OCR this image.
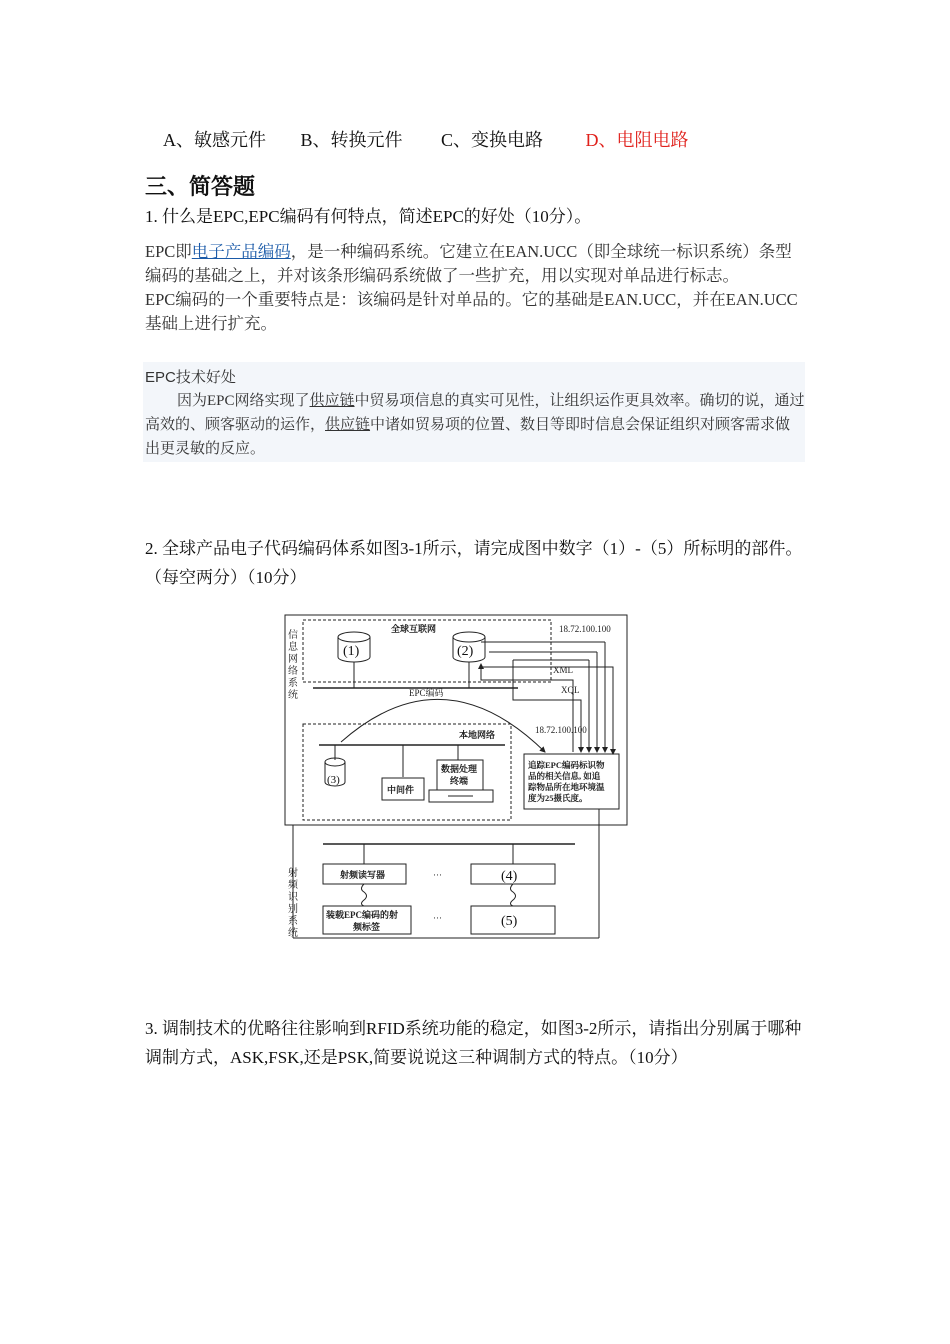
A、敏感元件 B、转换元件 C、变换电路 D、电阻电路
三、简答题
1. 什么是EPC,EPC编码有何特点，简述EPC的好处（10分）。
EPC即电子产品编码，是一种编码系统。它建立在EAN.UCC（即全球统一标识系统）条型编码的基础之上，并对该条形编码系统做了一些扩充，用以实现对单品进行标志。
EPC编码的一个重要特点是：该编码是针对单品的。它的基础是EAN.UCC，并在EAN.UCC基础上进行扩充。
EPC技术好处
因为EPC网络实现了供应链中贸易项信息的真实可见性，让组织运作更具效率。确切的说，通过高效的、顾客驱动的运作，供应链中诸如贸易项的位置、数目等即时信息会保证组织对顾客需求做出更灵敏的反应。
2. 全球产品电子代码编码体系如图3-1所示，请完成图中数字（1）-（5）所标明的部件。（每空两分）（10分）
全球互联网	18.72.100.100
XML
XQL
EPC编码
18.72.100.100
本地网络
数据处理
终端
中间件
追踪EPC编码标识物
品的相关信息, 如追
踪物品所在地环境温
度为25摄氏度。
射频读写器	···
装载EPC编码的射
频标签
···
(1)	(2)
(3)
(4)
(5)
信息网络系统
射频识别系统
3. 调制技术的优略往往影响到RFID系统功能的稳定，如图3-2所示，请指出分别属于哪种调制方式，ASK,FSK,还是PSK,简要说说这三种调制方式的特点。（10分）
